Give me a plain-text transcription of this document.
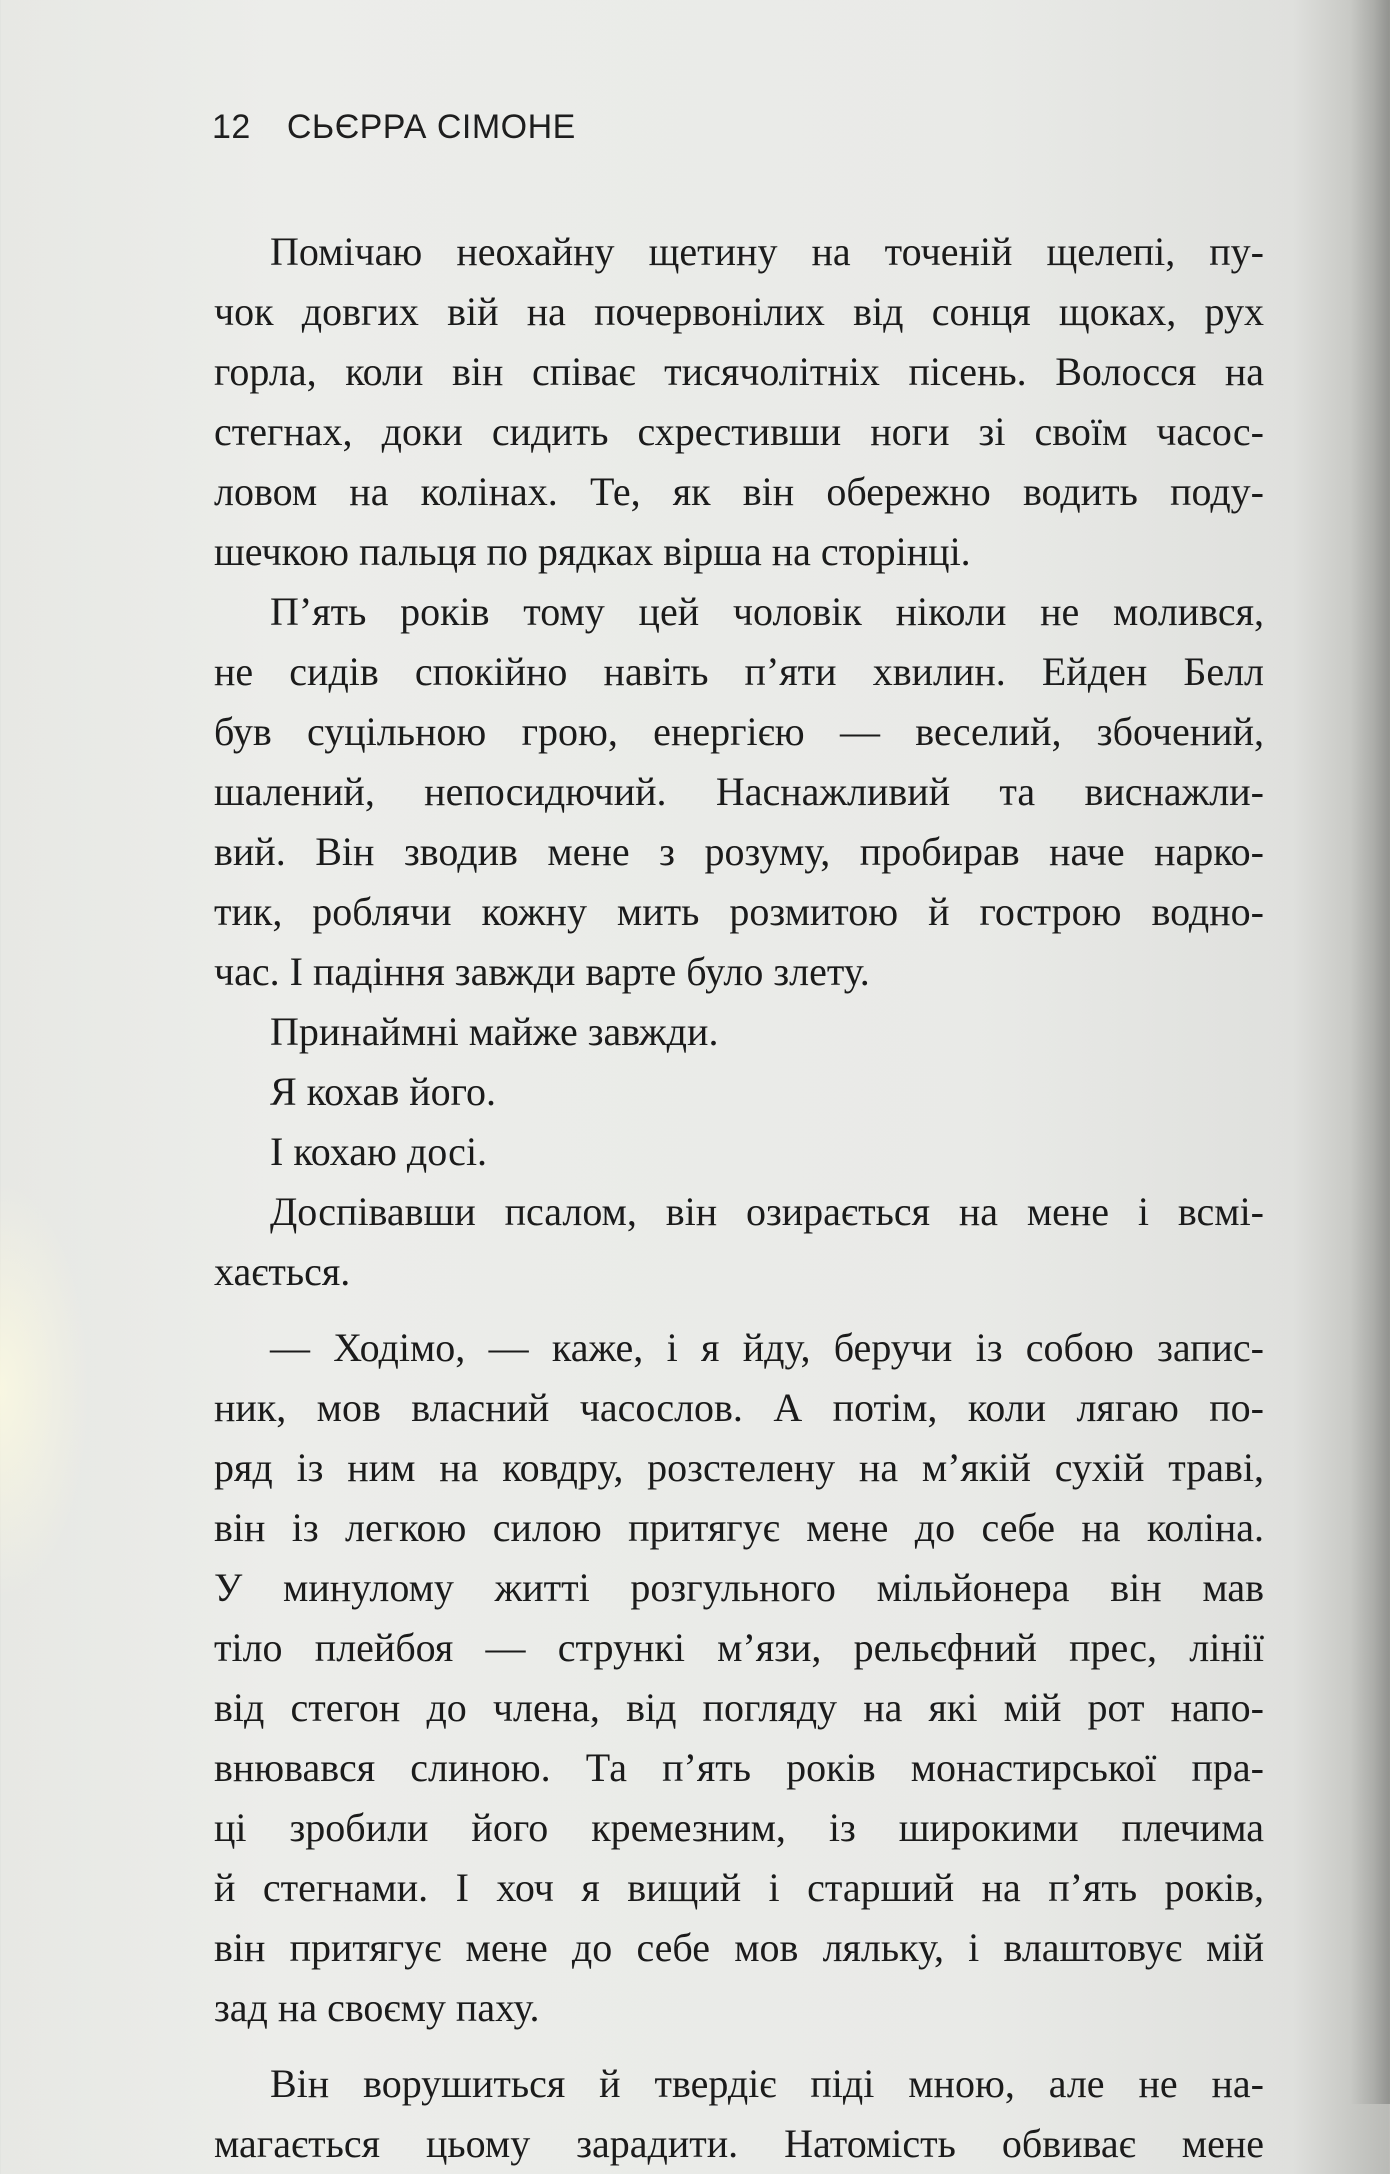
12 СЬЄРРА СІМОНЕ
Помічаю неохайну щетину на точеній щелепі, пу-
чок довгих вій на почервонілих від сонця щоках, рух
горла, коли він співає тисячолітніх пісень. Волосся на
стегнах, доки сидить схрестивши ноги зі своїм часос-
ловом на колінах. Те, як він обережно водить поду-
шечкою пальця по рядках вірша на сторінці.
П’ять років тому цей чоловік ніколи не молився,
не сидів спокійно навіть п’яти хвилин. Ейден Белл
був суцільною грою, енергією — веселий, збочений,
шалений, непосидючий. Наснажливий та виснажли-
вий. Він зводив мене з розуму, пробирав наче нарко-
тик, роблячи кожну мить розмитою й гострою водно-
час. І падіння завжди варте було злету.
Принаймні майже завжди.
Я кохав його.
І кохаю досі.
Доспівавши псалом, він озирається на мене і всмі-
хається.
— Ходімо, — каже, і я йду, беручи із собою запис-
ник, мов власний часослов. А потім, коли лягаю по-
ряд із ним на ковдру, розстелену на м’якій сухій траві,
він із легкою силою притягує мене до себе на коліна.
У минулому житті розгульного мільйонера він мав
тіло плейбоя — стрункі м’язи, рельєфний прес, лінії
від стегон до члена, від погляду на які мій рот напо-
внювався слиною. Та п’ять років монастирської пра-
ці зробили його кремезним, із широкими плечима
й стегнами. І хоч я вищий і старший на п’ять років,
він притягує мене до себе мов ляльку, і влаштовує мій
зад на своєму паху.
Він ворушиться й твердіє піді мною, але не на-
магається цьому зарадити. Натомість обвиває мене
